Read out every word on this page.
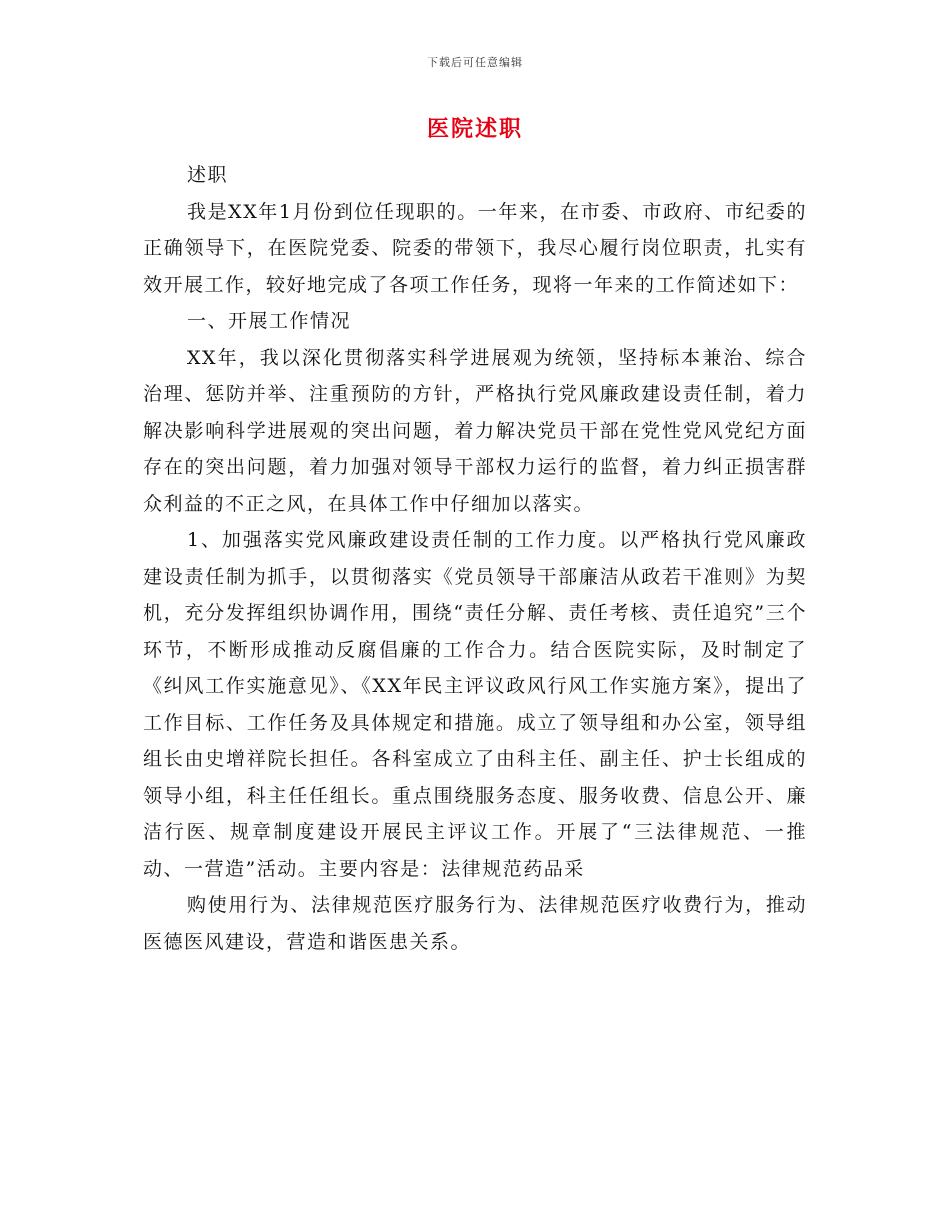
下载后可任意编辑
医院述职

述职

我是XX年1月份到位任现职的。一年来，在市委、市政府、市纪委的正确领导下，在医院党委、院委的带领下，我尽心履行岗位职责，扎实有效开展工作，较好地完成了各项工作任务，现将一年来的工作简述如下：

一、开展工作情况

XX年，我以深化贯彻落实科学进展观为统领，坚持标本兼治、综合治理、惩防并举、注重预防的方针，严格执行党风廉政建设责任制，着力解决影响科学进展观的突出问题，着力解决党员干部在党性党风党纪方面存在的突出问题，着力加强对领导干部权力运行的监督，着力纠正损害群众利益的不正之风，在具体工作中仔细加以落实。

1、加强落实党风廉政建设责任制的工作力度。以严格执行党风廉政建设责任制为抓手，以贯彻落实《党员领导干部廉洁从政若干准则》为契机，充分发挥组织协调作用，围绕“责任分解、责任考核、责任追究”三个环节，不断形成推动反腐倡廉的工作合力。结合医院实际，及时制定了《纠风工作实施意见》、《XX年民主评议政风行风工作实施方案》，提出了工作目标、工作任务及具体规定和措施。成立了领导组和办公室，领导组组长由史增祥院长担任。各科室成立了由科主任、副主任、护士长组成的领导小组，科主任任组长。重点围绕服务态度、服务收费、信息公开、廉洁行医、规章制度建设开展民主评议工作。开展了“三法律规范、一推动、一营造”活动。主要内容是：法律规范药品采

购使用行为、法律规范医疗服务行为、法律规范医疗收费行为，推动医德医风建设，营造和谐医患关系。
